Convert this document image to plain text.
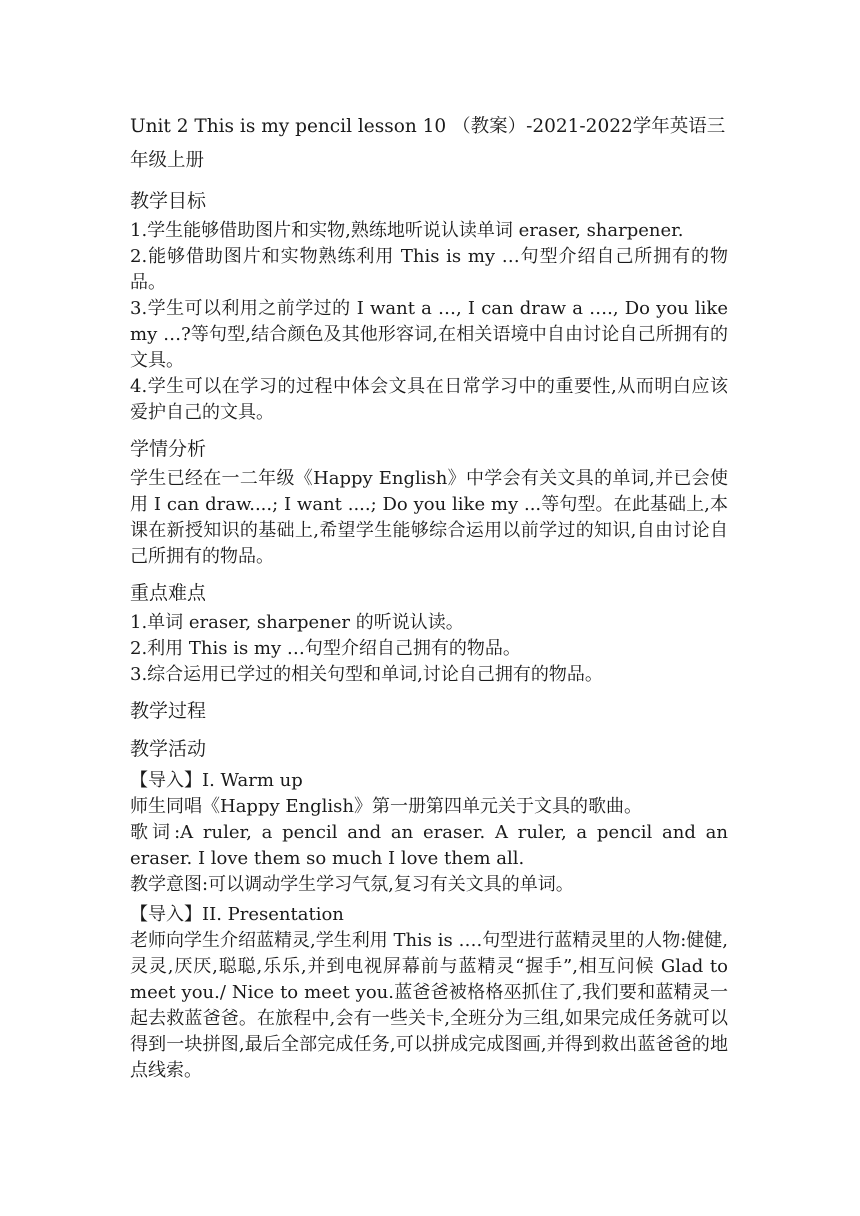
Unit 2 This is my pencil lesson 10 （教案）-2021-2022学年英语三年级上册
教学目标

1.学生能够借助图片和实物,熟练地听说认读单词 eraser, sharpener.

2.能够借助图片和实物熟练利用 This is my …句型介绍自己所拥有的物品。

3.学生可以利用之前学过的 I want a …, I can draw a …., Do you like my …?等句型,结合颜色及其他形容词,在相关语境中自由讨论自己所拥有的文具。

4.学生可以在学习的过程中体会文具在日常学习中的重要性,从而明白应该爱护自己的文具。

学情分析

学生已经在一二年级《Happy English》中学会有关文具的单词,并已会使用 I can draw....; I want ....; Do you like my ...等句型。在此基础上,本课在新授知识的基础上,希望学生能够综合运用以前学过的知识,自由讨论自己所拥有的物品。

重点难点

1.单词 eraser, sharpener 的听说认读。

2.利用 This is my …句型介绍自己拥有的物品。

3.综合运用已学过的相关句型和单词,讨论自己拥有的物品。

教学过程
教学活动

【导入】I. Warm up

师生同唱《Happy English》第一册第四单元关于文具的歌曲。

歌词:A ruler, a pencil and an eraser. A ruler, a pencil and an eraser. I love them so much I love them all.

教学意图:可以调动学生学习气氛,复习有关文具的单词。

【导入】II. Presentation

老师向学生介绍蓝精灵,学生利用 This is ….句型进行蓝精灵里的人物:健健,灵灵,厌厌,聪聪,乐乐,并到电视屏幕前与蓝精灵“握手”,相互问候 Glad to meet you./ Nice to meet you.蓝爸爸被格格巫抓住了,我们要和蓝精灵一起去救蓝爸爸。在旅程中,会有一些关卡,全班分为三组,如果完成任务就可以得到一块拼图,最后全部完成任务,可以拼成完成图画,并得到救出蓝爸爸的地点线索。
